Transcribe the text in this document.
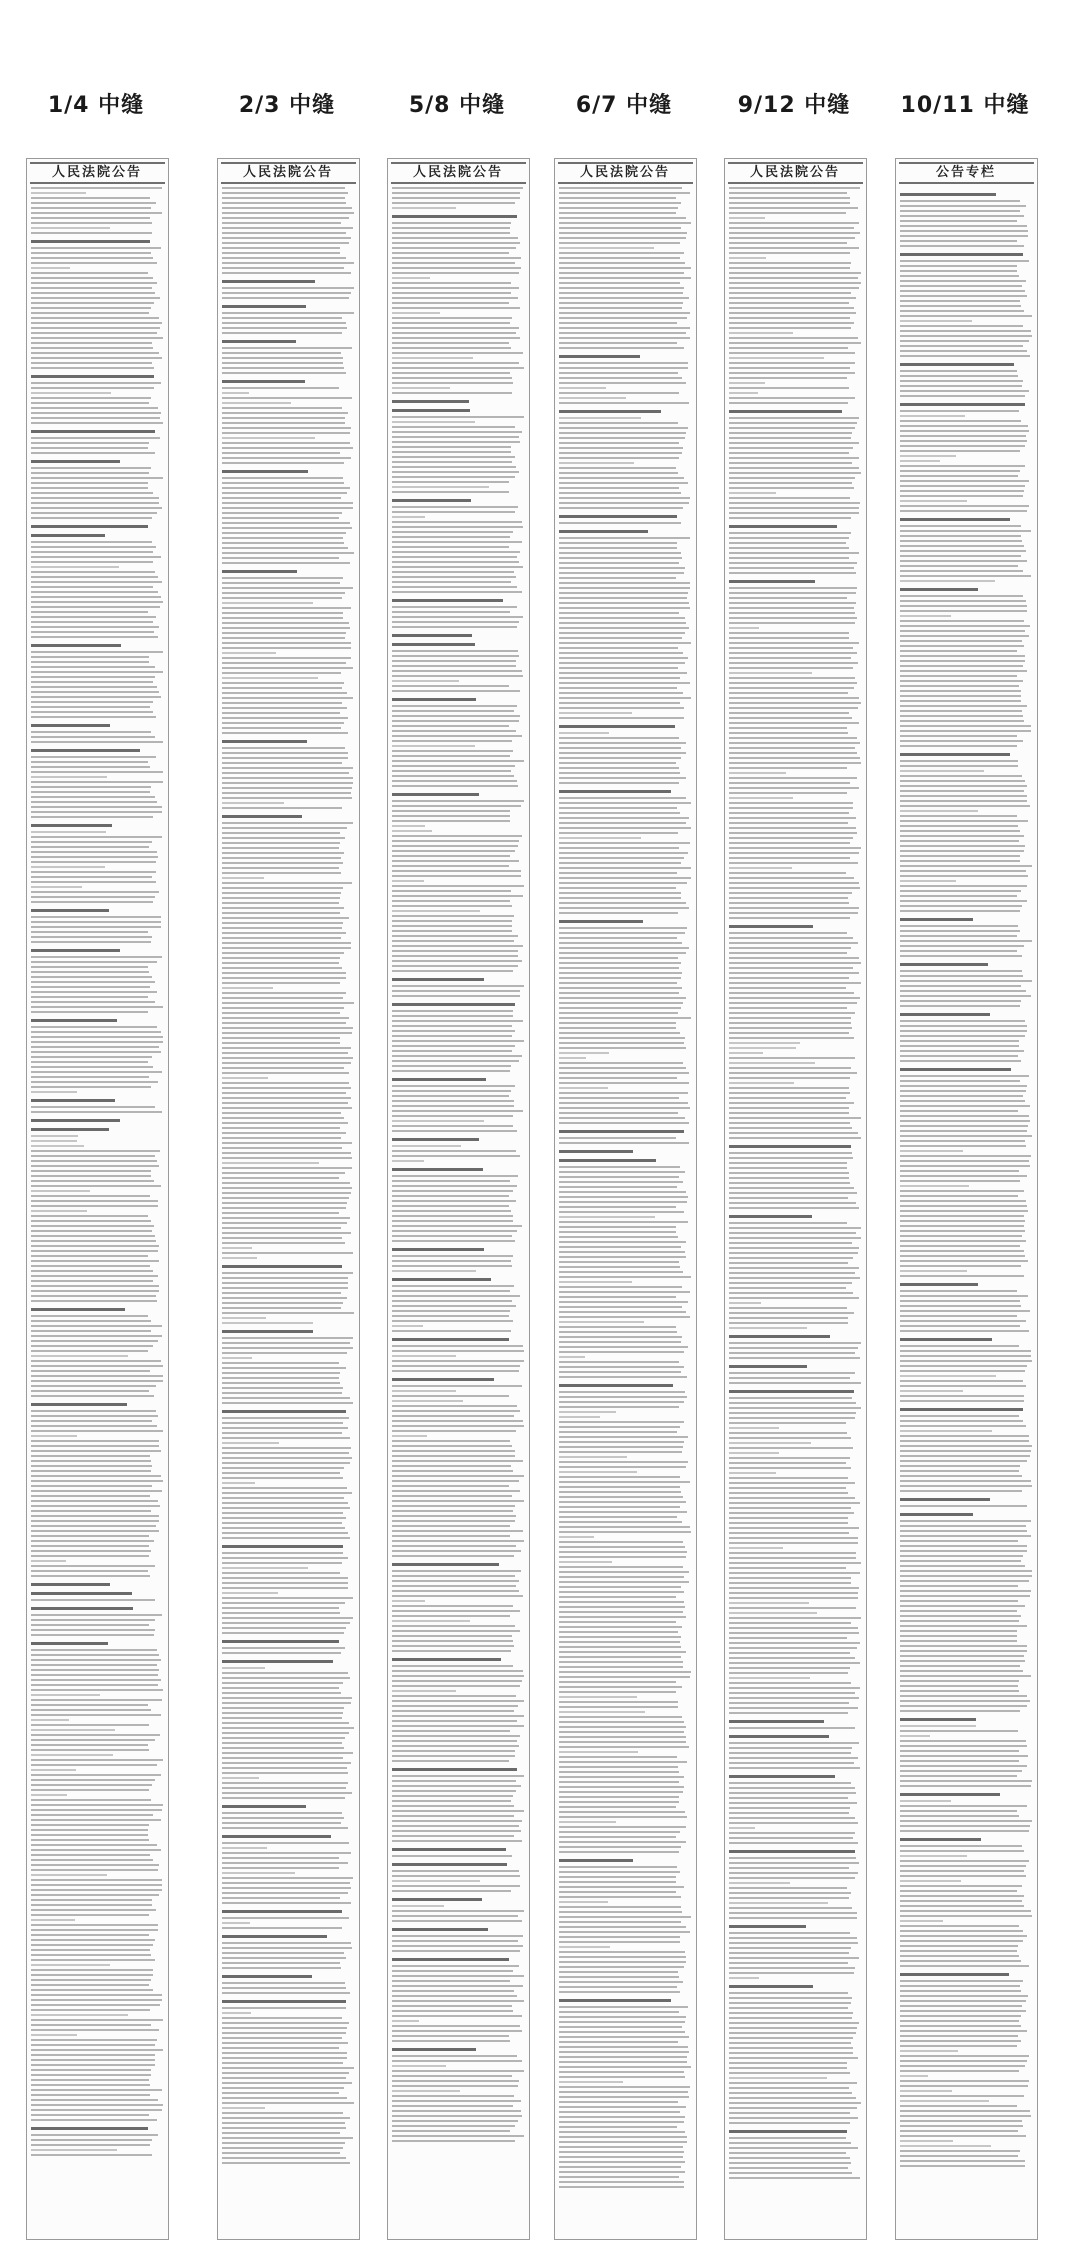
1/4 中缝
人民法院公告
2/3 中缝
人民法院公告
5/8 中缝
人民法院公告
6/7 中缝
人民法院公告
9/12 中缝
人民法院公告
10/11 中缝
公告专栏
